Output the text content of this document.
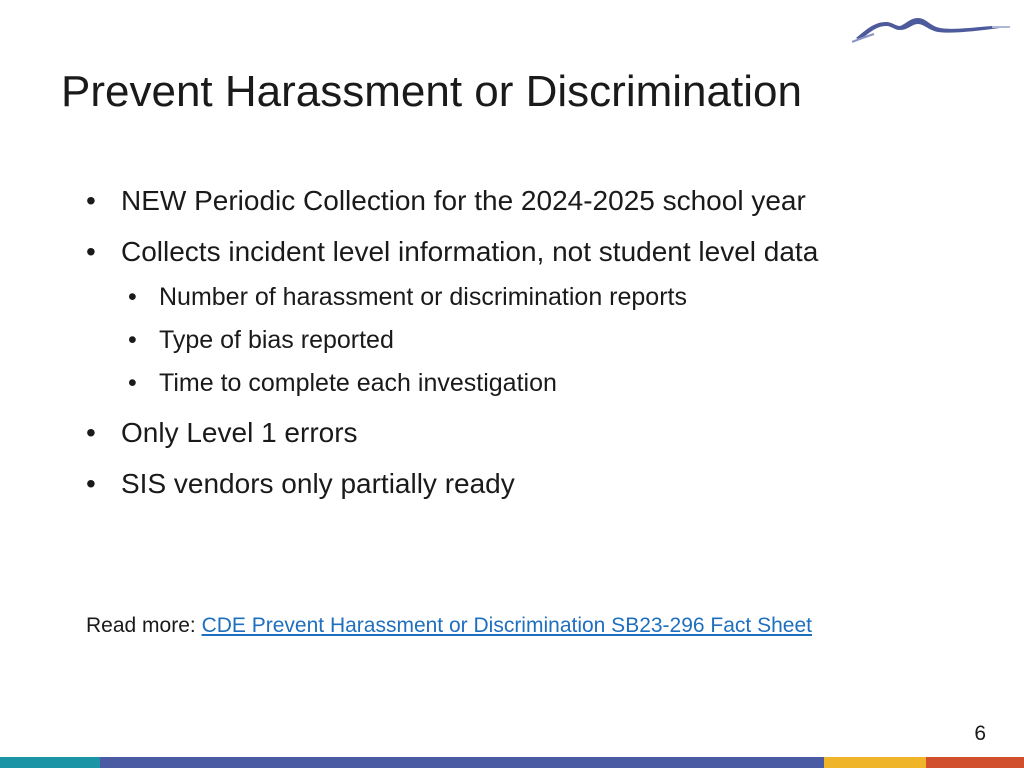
Prevent Harassment or Discrimination
• NEW Periodic Collection for the 2024-2025 school year
• Collects incident level information, not student level data
• Number of harassment or discrimination reports
• Type of bias reported
• Time to complete each investigation
• Only Level 1 errors
• SIS vendors only partially ready
Read more: CDE Prevent Harassment or Discrimination SB23-296 Fact Sheet
6
